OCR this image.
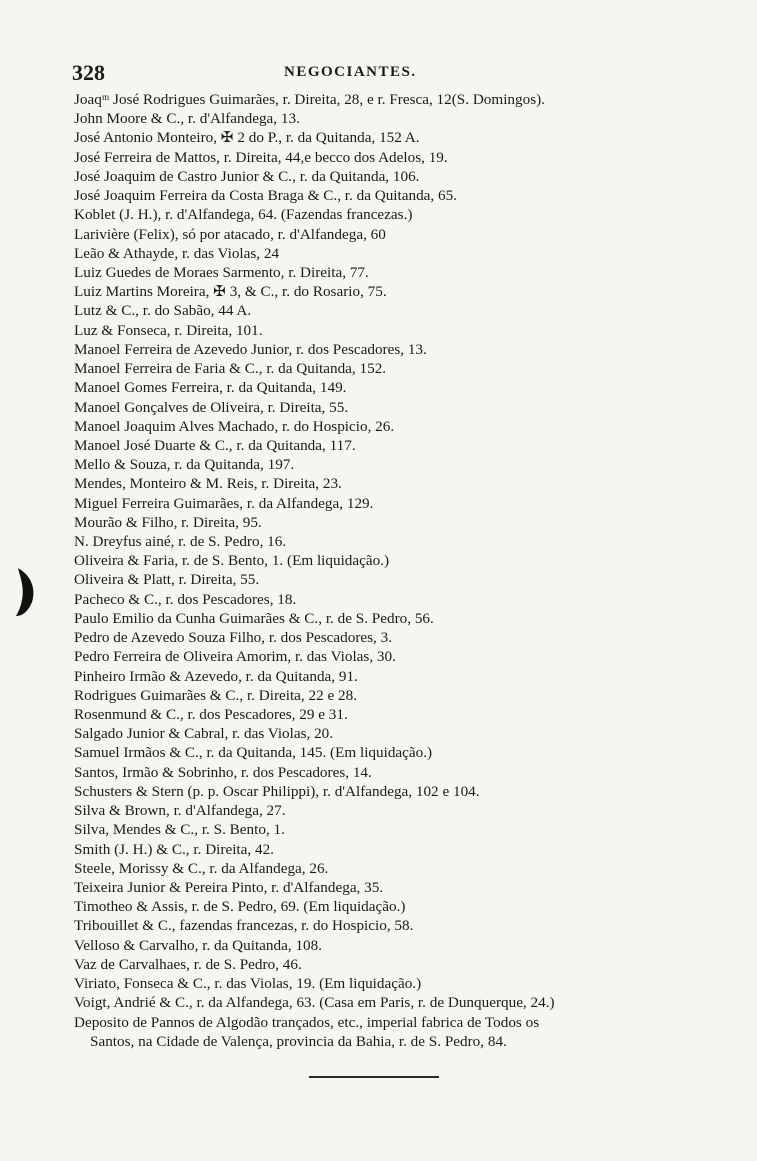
328	NEGOCIANTES.
Joaqᵐ José Rodrigues Guimarães, r. Direita, 28, e r. Fresca, 12(S. Domingos).
John Moore & C., r. d'Alfandega, 13.
José Antonio Monteiro, ✠ 2 do P., r. da Quitanda, 152 A.
José Ferreira de Mattos, r. Direita, 44,e becco dos Adelos, 19.
José Joaquim de Castro Junior & C., r. da Quitanda, 106.
José Joaquim Ferreira da Costa Braga & C., r. da Quitanda, 65.
Koblet (J. H.), r. d'Alfandega, 64. (Fazendas francezas.)
Larivière (Felix), só por atacado, r. d'Alfandega, 60
Leão & Athayde, r. das Violas, 24
Luiz Guedes de Moraes Sarmento, r. Direita, 77.
Luiz Martins Moreira, ✠ 3, & C., r. do Rosario, 75.
Lutz & C., r. do Sabão, 44 A.
Luz & Fonseca, r. Direita, 101.
Manoel Ferreira de Azevedo Junior, r. dos Pescadores, 13.
Manoel Ferreira de Faria & C., r. da Quitanda, 152.
Manoel Gomes Ferreira, r. da Quitanda, 149.
Manoel Gonçalves de Oliveira, r. Direita, 55.
Manoel Joaquim Alves Machado, r. do Hospicio, 26.
Manoel José Duarte & C., r. da Quitanda, 117.
Mello & Souza, r. da Quitanda, 197.
Mendes, Monteiro & M. Reis, r. Direita, 23.
Miguel Ferreira Guimarães, r. da Alfandega, 129.
Mourão & Filho, r. Direita, 95.
N. Dreyfus ainé, r. de S. Pedro, 16.
Oliveira & Faria, r. de S. Bento, 1. (Em liquidação.)
Oliveira & Platt, r. Direita, 55.
Pacheco & C., r. dos Pescadores, 18.
Paulo Emilio da Cunha Guimarães & C., r. de S. Pedro, 56.
Pedro de Azevedo Souza Filho, r. dos Pescadores, 3.
Pedro Ferreira de Oliveira Amorim, r. das Violas, 30.
Pinheiro Irmão & Azevedo, r. da Quitanda, 91.
Rodrigues Guimarães & C., r. Direita, 22 e 28.
Rosenmund & C., r. dos Pescadores, 29 e 31.
Salgado Junior & Cabral, r. das Violas, 20.
Samuel Irmãos & C., r. da Quitanda, 145. (Em liquidação.)
Santos, Irmão & Sobrinho, r. dos Pescadores, 14.
Schusters & Stern (p. p. Oscar Philippi), r. d'Alfandega, 102 e 104.
Silva & Brown, r. d'Alfandega, 27.
Silva, Mendes & C., r. S. Bento, 1.
Smith (J. H.) & C., r. Direita, 42.
Steele, Morissy & C., r. da Alfandega, 26.
Teixeira Junior & Pereira Pinto, r. d'Alfandega, 35.
Timotheo & Assis, r. de S. Pedro, 69. (Em liquidação.)
Tribouillet & C., fazendas francezas, r. do Hospicio, 58.
Velloso & Carvalho, r. da Quitanda, 108.
Vaz de Carvalhaes, r. de S. Pedro, 46.
Viriato, Fonseca & C., r. das Violas, 19. (Em liquidação.)
Voigt, Andrié & C., r. da Alfandega, 63. (Casa em Paris, r. de Dunquerque, 24.)
Deposito de Pannos de Algodão trançados, etc., imperial fabrica de Todos os
Santos, na Cidade de Valença, provincia da Bahia, r. de S. Pedro, 84.
